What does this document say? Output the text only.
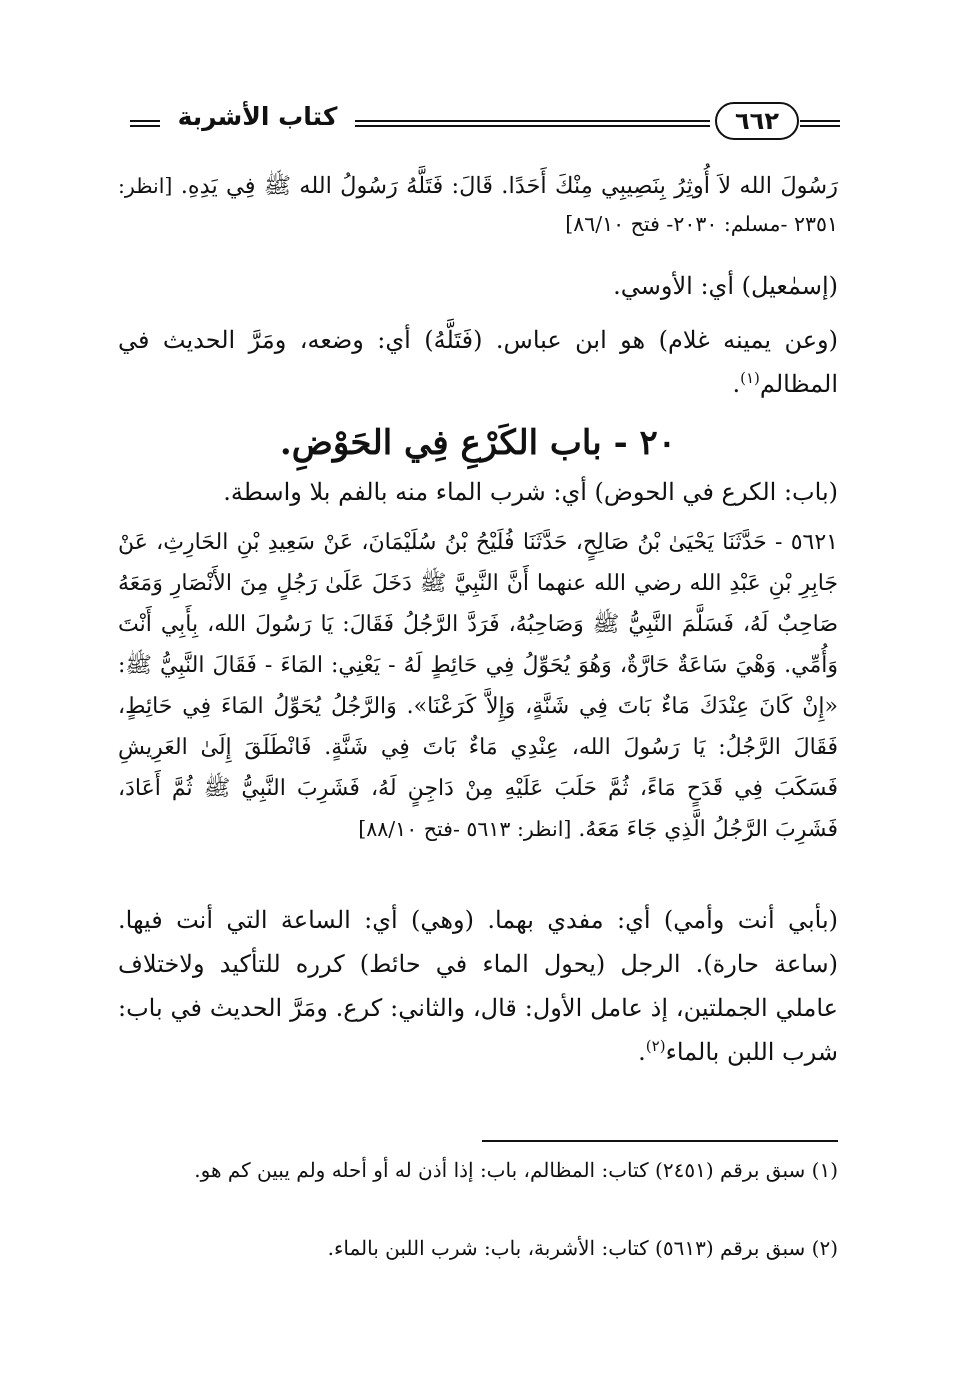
كتاب الأشربة	٦٦٢

رَسُولَ الله لاَ أُوثِرُ بِنَصِيبِي مِنْكَ أَحَدًا. قَالَ: فَتَلَّهُ رَسُولُ الله ﷺ فِي يَدِهِ. [انظر: ٢٣٥١ -مسلم: ٢٠٣٠- فتح ٨٦/١٠]

(إسمٰعيل) أي: الأوسي.

(وعن يمينه غلام) هو ابن عباس. (فَتَلَّهُ) أي: وضعه، ومَرَّ الحديث في المظالم$^{(١)}$.

٢٠ - باب الكَرْعِ فِي الحَوْضِ.

(باب: الكرع في الحوض) أي: شرب الماء منه بالفم بلا واسطة.

٥٦٢١ - حَدَّثَنَا يَحْيَىٰ بْنُ صَالِحٍ، حَدَّثَنَا فُلَيْحُ بْنُ سُلَيْمَانَ، عَنْ سَعِيدِ بْنِ الحَارِثِ، عَنْ جَابِرِ بْنِ عَبْدِ الله رضي الله عنهما أَنَّ النَّبِيَّ ﷺ دَخَلَ عَلَىٰ رَجُلٍ مِنَ الأَنْصَارِ وَمَعَهُ صَاحِبٌ لَهُ، فَسَلَّمَ النَّبِيُّ ﷺ وَصَاحِبُهُ، فَرَدَّ الرَّجُلُ فَقَالَ: يَا رَسُولَ الله، بِأَبِي أَنْتَ وَأُمِّي. وَهْيَ سَاعَةٌ حَارَّةٌ، وَهُوَ يُحَوِّلُ فِي حَائِطٍ لَهُ - يَعْنِي: المَاءَ - فَقَالَ النَّبِيُّ ﷺ: «إِنْ كَانَ عِنْدَكَ مَاءٌ بَاتَ فِي شَنَّةٍ، وَإِلاَّ كَرَعْنَا». وَالرَّجُلُ يُحَوِّلُ المَاءَ فِي حَائِطٍ، فَقَالَ الرَّجُلُ: يَا رَسُولَ الله، عِنْدِي مَاءٌ بَاتَ فِي شَنَّةٍ. فَانْطَلَقَ إِلَىٰ العَرِيشِ فَسَكَبَ فِي قَدَحٍ مَاءً، ثُمَّ حَلَبَ عَلَيْهِ مِنْ دَاجِنٍ لَهُ، فَشَرِبَ النَّبِيُّ ﷺ ثُمَّ أَعَادَ، فَشَرِبَ الرَّجُلُ الَّذِي جَاءَ مَعَهُ. [انظر: ٥٦١٣ -فتح ٨٨/١٠]

(بأبي أنت وأمي) أي: مفدي بهما. (وهي) أي: الساعة التي أنت فيها. (ساعة حارة). الرجل (يحول الماء في حائط) كرره للتأكيد ولاختلاف عاملي الجملتين، إذ عامل الأول: قال، والثاني: كرع. ومَرَّ الحديث في باب: شرب اللبن بالماء$^{(٢)}$.

(١) سبق برقم (٢٤٥١) كتاب: المظالم، باب: إذا أذن له أو أحله ولم يبين كم هو.

(٢) سبق برقم (٥٦١٣) كتاب: الأشربة، باب: شرب اللبن بالماء.
